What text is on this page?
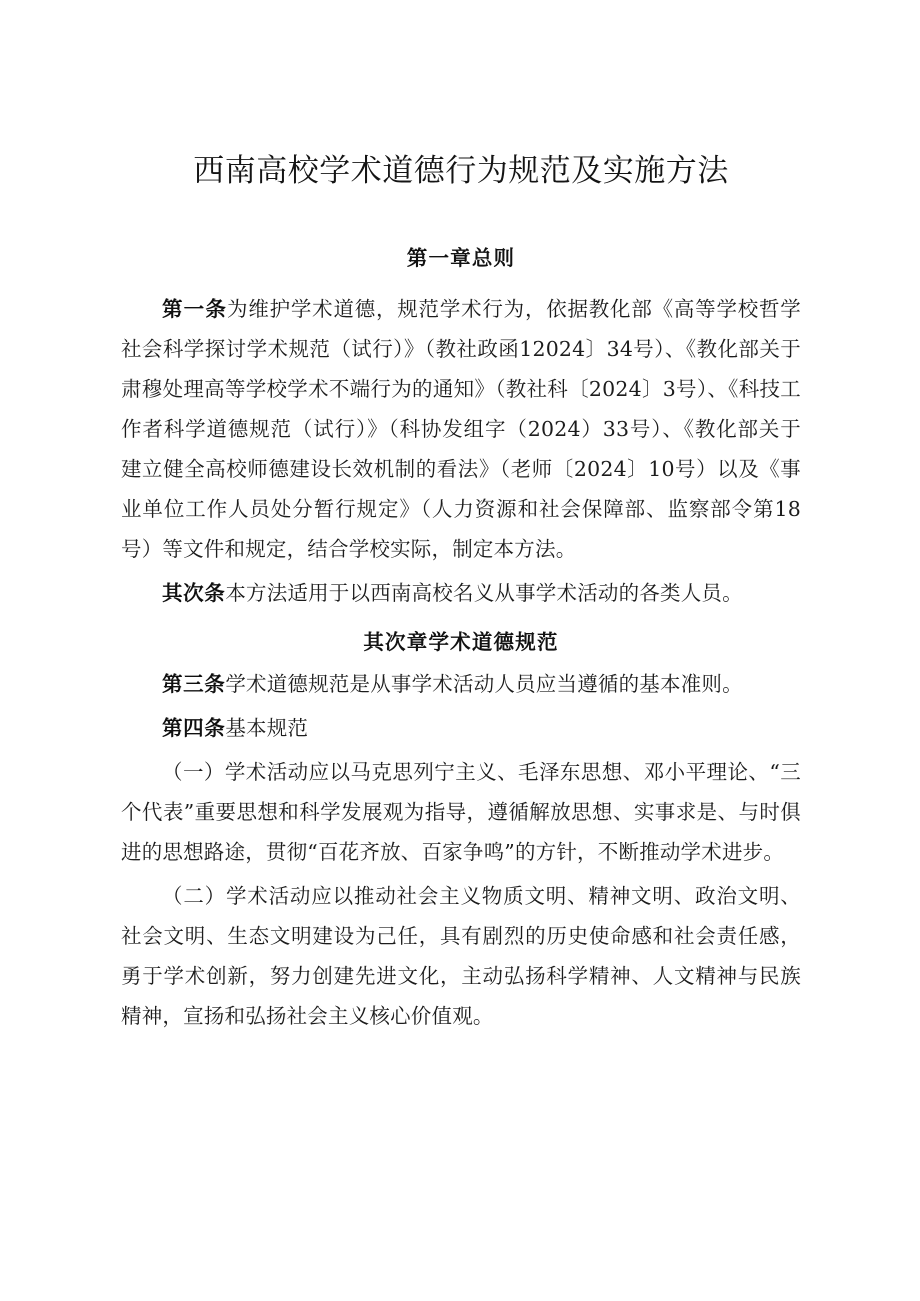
西南高校学术道德行为规范及实施方法

第一章总则

第一条为维护学术道德，规范学术行为，依据教化部《高等学校哲学社会科学探讨学术规范（试行）》（教社政函12024〕34号）、《教化部关于肃穆处理高等学校学术不端行为的通知》（教社科〔2024〕3号）、《科技工作者科学道德规范（试行）》（科协发组字（2024）33号）、《教化部关于建立健全高校师德建设长效机制的看法》（老师〔2024〕10号）以及《事业单位工作人员处分暂行规定》（人力资源和社会保障部、监察部令第18号）等文件和规定，结合学校实际，制定本方法。

其次条本方法适用于以西南高校名义从事学术活动的各类人员。

其次章学术道德规范

第三条学术道德规范是从事学术活动人员应当遵循的基本准则。

第四条基本规范

（一）学术活动应以马克思列宁主义、毛泽东思想、邓小平理论、“三个代表”重要思想和科学发展观为指导，遵循解放思想、实事求是、与时俱进的思想路途，贯彻“百花齐放、百家争鸣”的方针，不断推动学术进步。

（二）学术活动应以推动社会主义物质文明、精神文明、政治文明、社会文明、生态文明建设为己任，具有剧烈的历史使命感和社会责任感，勇于学术创新，努力创建先进文化，主动弘扬科学精神、人文精神与民族精神，宣扬和弘扬社会主义核心价值观。
